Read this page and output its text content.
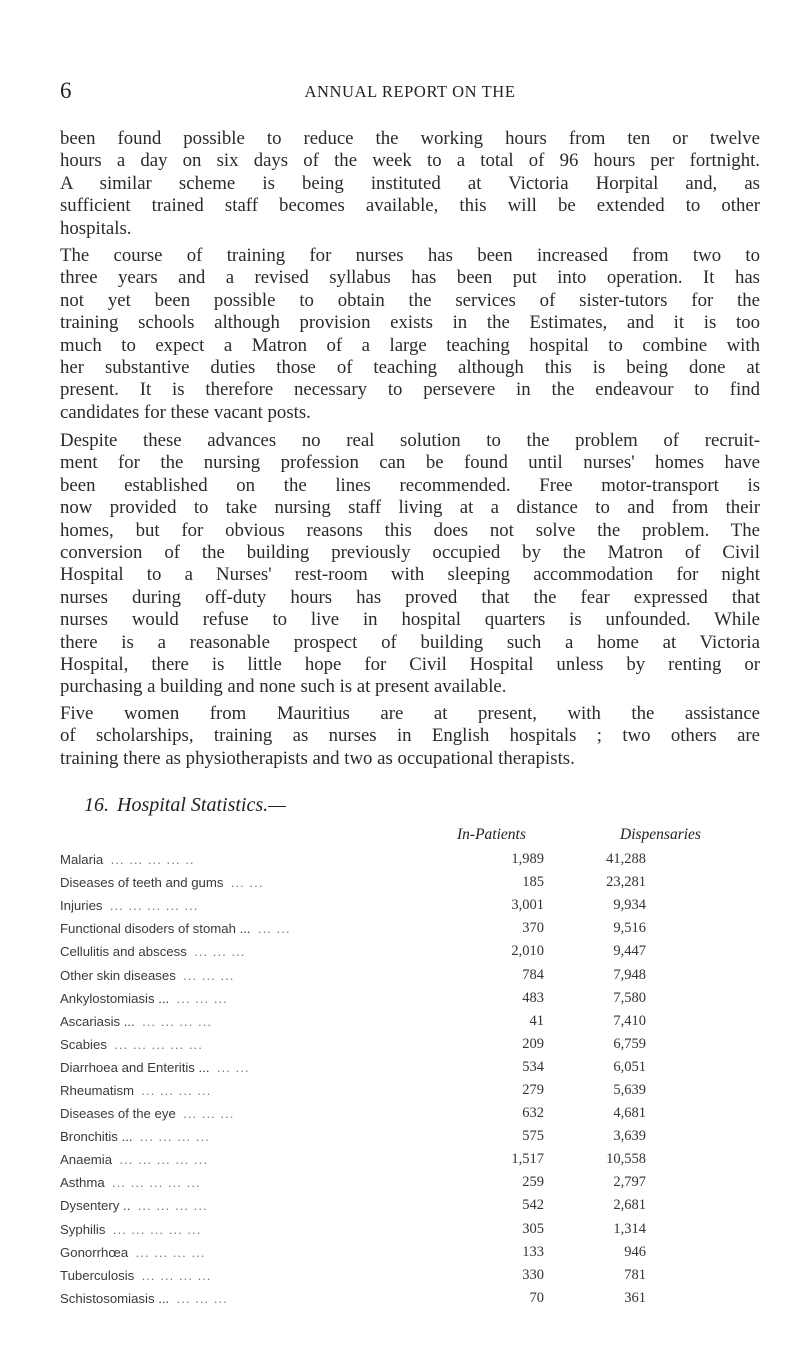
6	ANNUAL REPORT ON THE
been found possible to reduce the working hours from ten or twelve
hours a day on six days of the week to a total of 96 hours per fortnight.
A similar scheme is being instituted at Victoria Horpital and, as
sufficient trained staff becomes available, this will be extended to other
hospitals.
The course of training for nurses has been increased from two to
three years and a revised syllabus has been put into operation. It has
not yet been possible to obtain the services of sister-tutors for the
training schools although provision exists in the Estimates, and it is too
much to expect a Matron of a large teaching hospital to combine with
her substantive duties those of teaching although this is being done at
present. It is therefore necessary to persevere in the endeavour to find
candidates for these vacant posts.
Despite these advances no real solution to the problem of recruit-
ment for the nursing profession can be found until nurses' homes have
been established on the lines recommended. Free motor-transport is
now provided to take nursing staff living at a distance to and from their
homes, but for obvious reasons this does not solve the problem. The
conversion of the building previously occupied by the Matron of Civil
Hospital to a Nurses' rest-room with sleeping accommodation for night
nurses during off-duty hours has proved that the fear expressed that
nurses would refuse to live in hospital quarters is unfounded. While
there is a reasonable prospect of building such a home at Victoria
Hospital, there is little hope for Civil Hospital unless by renting or
purchasing a building and none such is at present available.
Five women from Mauritius are at present, with the assistance
of scholarships, training as nurses in English hospitals ; two others are
training there as physiotherapists and two as occupational therapists.
16. Hospital Statistics.—
In-Patients	Dispensaries
Malaria ... ... ... ... ..	1,989	41,288	
Diseases of teeth and gums ... ...	185	23,281	
Injuries ... ... ... ... ...	3,001	9,934	
Functional disoders of stomah ... ... ...	370	9,516	
Cellulitis and abscess ... ... ...	2,010	9,447	
Other skin diseases ... ... ...	784	7,948	
Ankylostomiasis ... ... ... ...	483	7,580	
Ascariasis ... ... ... ... ...	41	7,410	
Scabies ... ... ... ... ...	209	6,759	
Diarrhoea and Enteritis ... ... ...	534	6,051	
Rheumatism ... ... ... ...	279	5,639	
Diseases of the eye ... ... ...	632	4,681	
Bronchitis ... ... ... ... ...	575	3,639	
Anaemia ... ... ... ... ...	1,517	10,558	
Asthma ... ... ... ... ...	259	2,797	
Dysentery .. ... ... ... ...	542	2,681	
Syphilis ... ... ... ... ...	305	1,314	
Gonorrhœa ... ... ... ...	133	946	
Tuberculosis ... ... ... ...	330	781	
Schistosomiasis ... ... ... ...	70	361	
